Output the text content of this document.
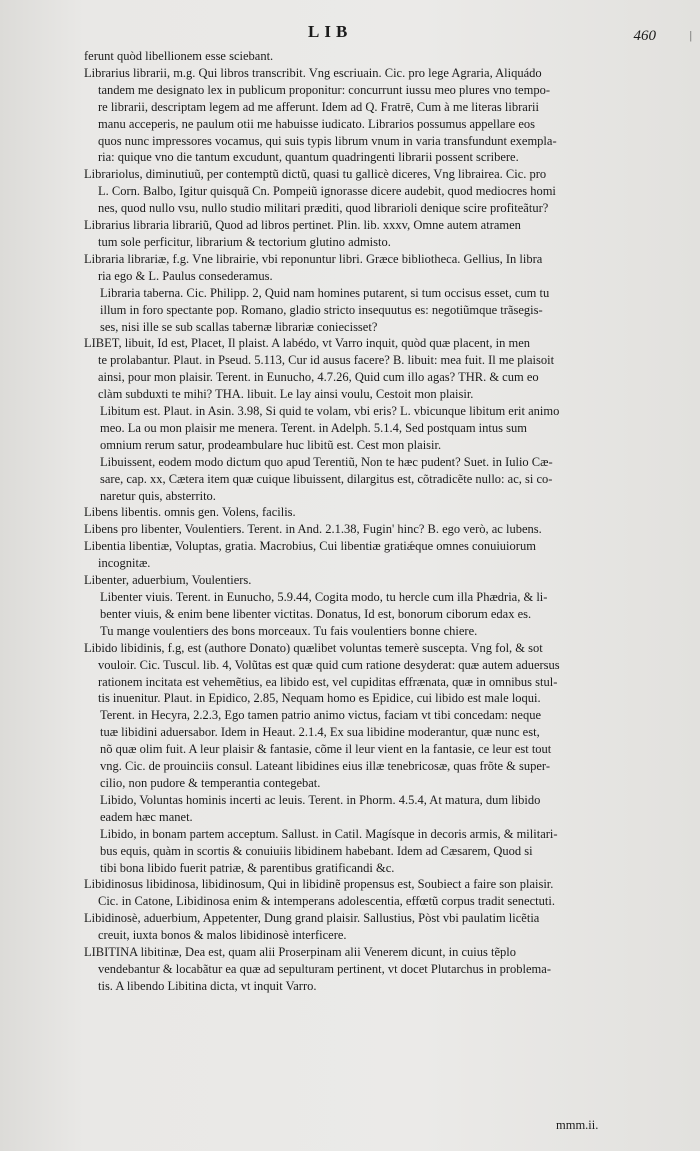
LIB	460	|
ferunt quòd libellionem esse sciebant.
Librarius librarii, m.g. Qui libros transcribit. Vng escriuain. Cic. pro lege Agraria, Aliquádo
tandem me designato lex in publicum proponitur: concurrunt iussu meo plures vno tempo-
re librarii, descriptam legem ad me afferunt. Idem ad Q. Fratrē, Cum à me literas librarii
manu acceperis, ne paulum otii me habuisse iudicato. Librarios possumus appellare eos
quos nunc impressores vocamus, qui suis typis librum vnum in varia transfundunt exempla-
ria: quique vno die tantum excudunt, quantum quadringenti librarii possent scribere.
Librariolus, diminutiuũ, per contemptũ dictũ, quasi tu gallicè diceres, Vng librairea. Cic. pro
L. Corn. Balbo, Igitur quisquã Cn. Pompeiũ ignorasse dicere audebit, quod mediocres homi
nes, quod nullo vsu, nullo studio militari præditi, quod librarioli denique scire profiteãtur?
Librarius libraria librariũ, Quod ad libros pertinet. Plin. lib. xxxv, Omne autem atramen
tum sole perficitur, librarium & tectorium glutino admisto.
Libraria librariæ, f.g. Vne librairie, vbi reponuntur libri. Græce bibliotheca. Gellius, In libra
ria ego & L. Paulus consederamus.
Libraria taberna. Cic. Philipp. 2, Quid nam homines putarent, si tum occisus esset, cum tu
illum in foro spectante pop. Romano, gladio stricto insequutus es: negotiũmque trãsegis-
ses, nisi ille se sub scallas tabernæ librariæ coniecisset?
LIBET, libuit, Id est, Placet, Il plaist. A labédo, vt Varro inquit, quòd quæ placent, in men
te prolabantur. Plaut. in Pseud. 5.113, Cur id ausus facere? B. libuit: mea fuit. Il me plaisoit
ainsi, pour mon plaisir. Terent. in Eunucho, 4.7.26, Quid cum illo agas? THR. & cum eo
clàm subduxti te mihi? THA. libuit. Le lay ainsi voulu, Cestoit mon plaisir.
Libitum est. Plaut. in Asin. 3.98, Si quid te volam, vbi eris? L. vbicunque libitum erit animo
meo. La ou mon plaisir me menera. Terent. in Adelph. 5.1.4, Sed postquam intus sum
omnium rerum satur, prodeambulare huc libitũ est. Cest mon plaisir.
Libuissent, eodem modo dictum quo apud Terentiũ, Non te hæc pudent? Suet. in Iulio Cæ-
sare, cap. xx, Cætera item quæ cuique libuissent, dilargitus est, cõtradicẽte nullo: ac, si co-
naretur quis, absterrito.
Libens libentis. omnis gen. Volens, facilis.
Libens pro libenter, Voulentiers. Terent. in And. 2.1.38, Fugin' hinc? B. ego verò, ac lubens.
Libentia libentiæ, Voluptas, gratia. Macrobius, Cui libentiæ gratiǽque omnes conuiuiorum
incognitæ.
Libenter, aduerbium, Voulentiers.
Libenter viuis. Terent. in Eunucho, 5.9.44, Cogita modo, tu hercle cum illa Phædria, & li-
benter viuis, & enim bene libenter victitas. Donatus, Id est, bonorum ciborum edax es.
Tu mange voulentiers des bons morceaux. Tu fais voulentiers bonne chiere.
Libido libidinis, f.g, est (authore Donato) quælibet voluntas temerè suscepta. Vng fol, & sot
vouloir. Cic. Tuscul. lib. 4, Volũtas est quæ quid cum ratione desyderat: quæ autem aduersus
rationem incitata est vehemẽtius, ea libido est, vel cupiditas effrænata, quæ in omnibus stul-
tis inuenitur. Plaut. in Epidico, 2.85, Nequam homo es Epidice, cui libido est male loqui.
Terent. in Hecyra, 2.2.3, Ego tamen patrio animo victus, faciam vt tibi concedam: neque
tuæ libidini aduersabor. Idem in Heaut. 2.1.4, Ex sua libidine moderantur, quæ nunc est,
nõ quæ olim fuit. A leur plaisir & fantasie, cõme il leur vient en la fantasie, ce leur est tout
vng. Cic. de prouinciis consul. Lateant libidines eius illæ tenebricosæ, quas frõte & super-
cilio, non pudore & temperantia contegebat.
Libido, Voluntas hominis incerti ac leuis. Terent. in Phorm. 4.5.4, At matura, dum libido
eadem hæc manet.
Libido, in bonam partem acceptum. Sallust. in Catil. Magísque in decoris armis, & militari-
bus equis, quàm in scortis & conuiuiis libidinem habebant. Idem ad Cæsarem, Quod si
tibi bona libido fuerit patriæ, & parentibus gratificandi &c.
Libidinosus libidinosa, libidinosum, Qui in libidinẽ propensus est, Soubiect a faire son plaisir.
Cic. in Catone, Libidinosa enim & intemperans adolescentia, effœtũ corpus tradit senectuti.
Libidinosè, aduerbium, Appetenter, Dung grand plaisir. Sallustius, Pòst vbi paulatim licẽtia
creuit, iuxta bonos & malos libidinosè interficere.
LIBITINA libitinæ, Dea est, quam alii Proserpinam alii Venerem dicunt, in cuius tẽplo
vendebantur & locabãtur ea quæ ad sepulturam pertinent, vt docet Plutarchus in problema-
tis. A libendo Libitina dicta, vt inquit Varro.
mmm.ii.
